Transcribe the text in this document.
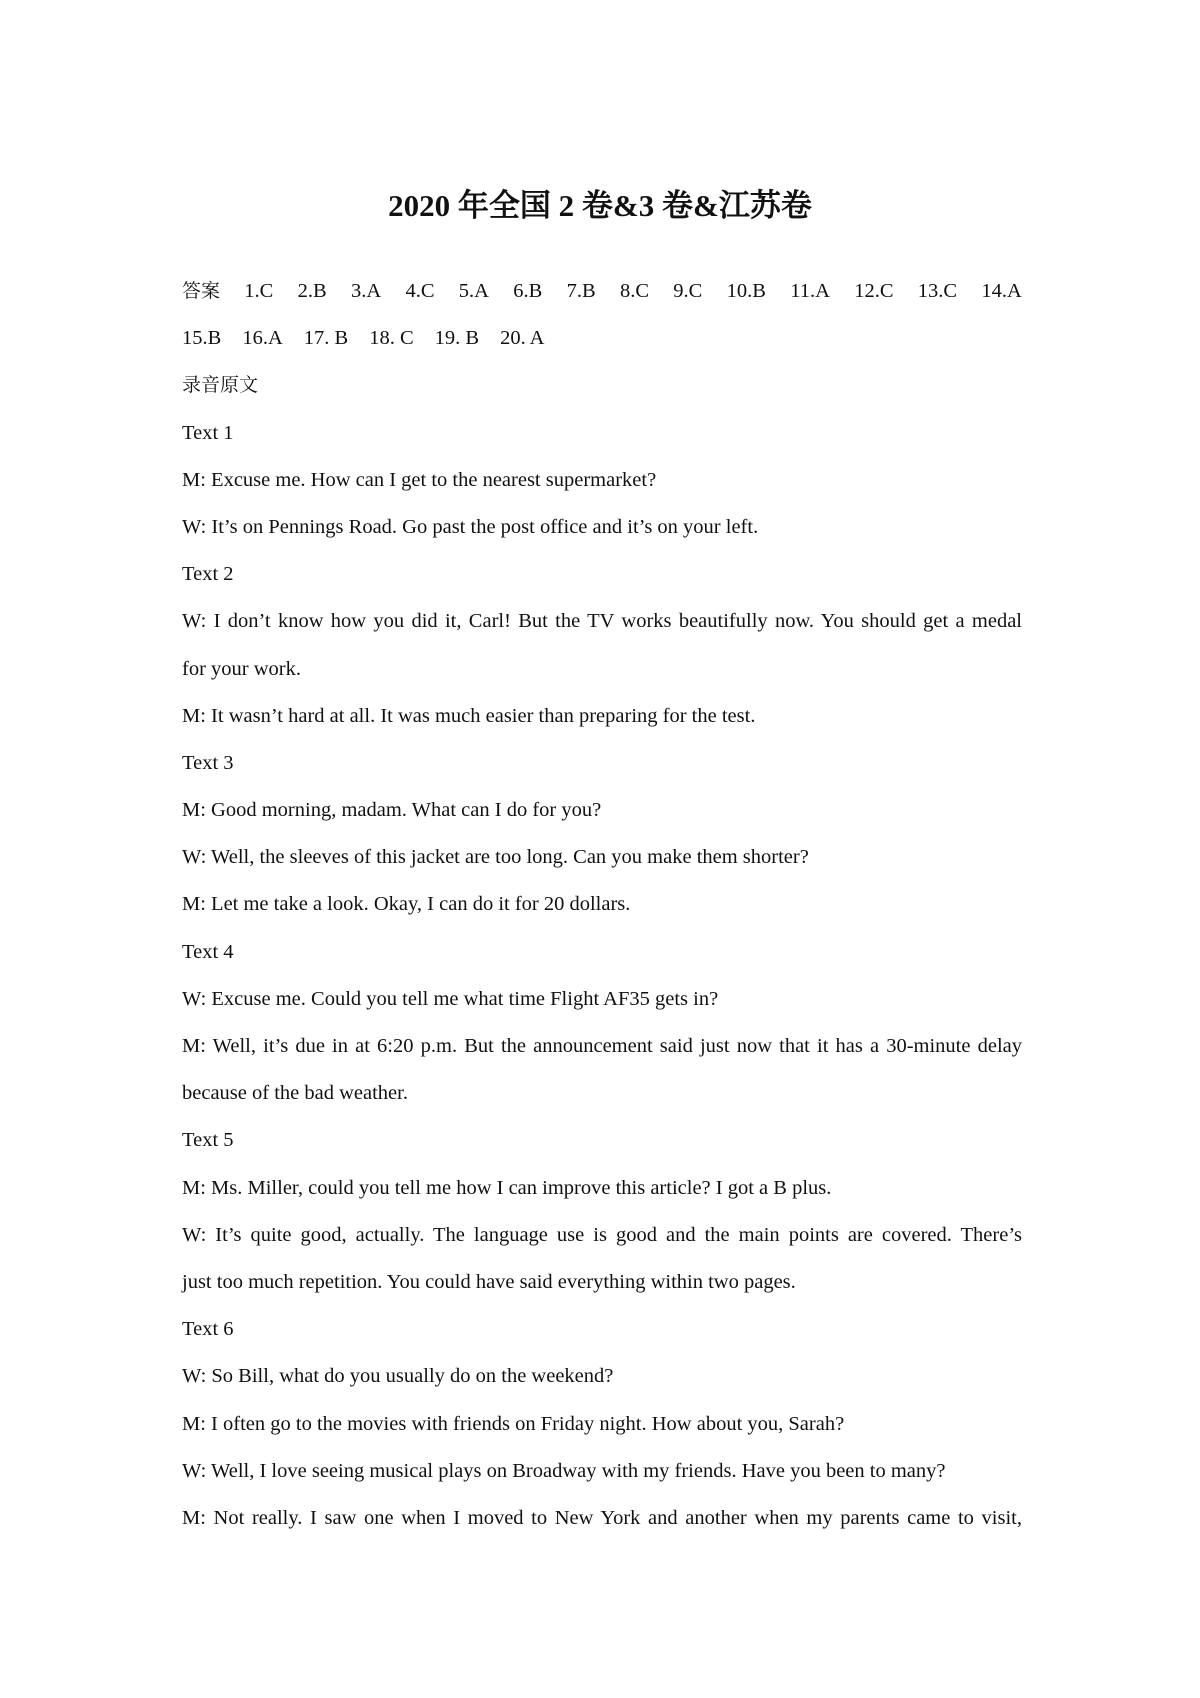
2020 年全国 2 卷&3 卷&江苏卷
答案 1.C 2.B 3.A 4.C 5.A 6.B 7.B 8.C 9.C 10.B 11.A 12.C 13.C 14.A
15.B 16.A 17. B 18. C 19. B 20. A
录音原文
Text 1
M: Excuse me. How can I get to the nearest supermarket?
W: It’s on Pennings Road. Go past the post office and it’s on your left.
Text 2
W: I don’t know how you did it, Carl! But the TV works beautifully now. You should get a medal
for your work.
M: It wasn’t hard at all. It was much easier than preparing for the test.
Text 3
M: Good morning, madam. What can I do for you?
W: Well, the sleeves of this jacket are too long. Can you make them shorter?
M: Let me take a look. Okay, I can do it for 20 dollars.
Text 4
W: Excuse me. Could you tell me what time Flight AF35 gets in?
M: Well, it’s due in at 6:20 p.m. But the announcement said just now that it has a 30-minute delay
because of the bad weather.
Text 5
M: Ms. Miller, could you tell me how I can improve this article? I got a B plus.
W: It’s quite good, actually. The language use is good and the main points are covered. There’s
just too much repetition. You could have said everything within two pages.
Text 6
W: So Bill, what do you usually do on the weekend?
M: I often go to the movies with friends on Friday night. How about you, Sarah?
W: Well, I love seeing musical plays on Broadway with my friends. Have you been to many?
M: Not really. I saw one when I moved to New York and another when my parents came to visit,
